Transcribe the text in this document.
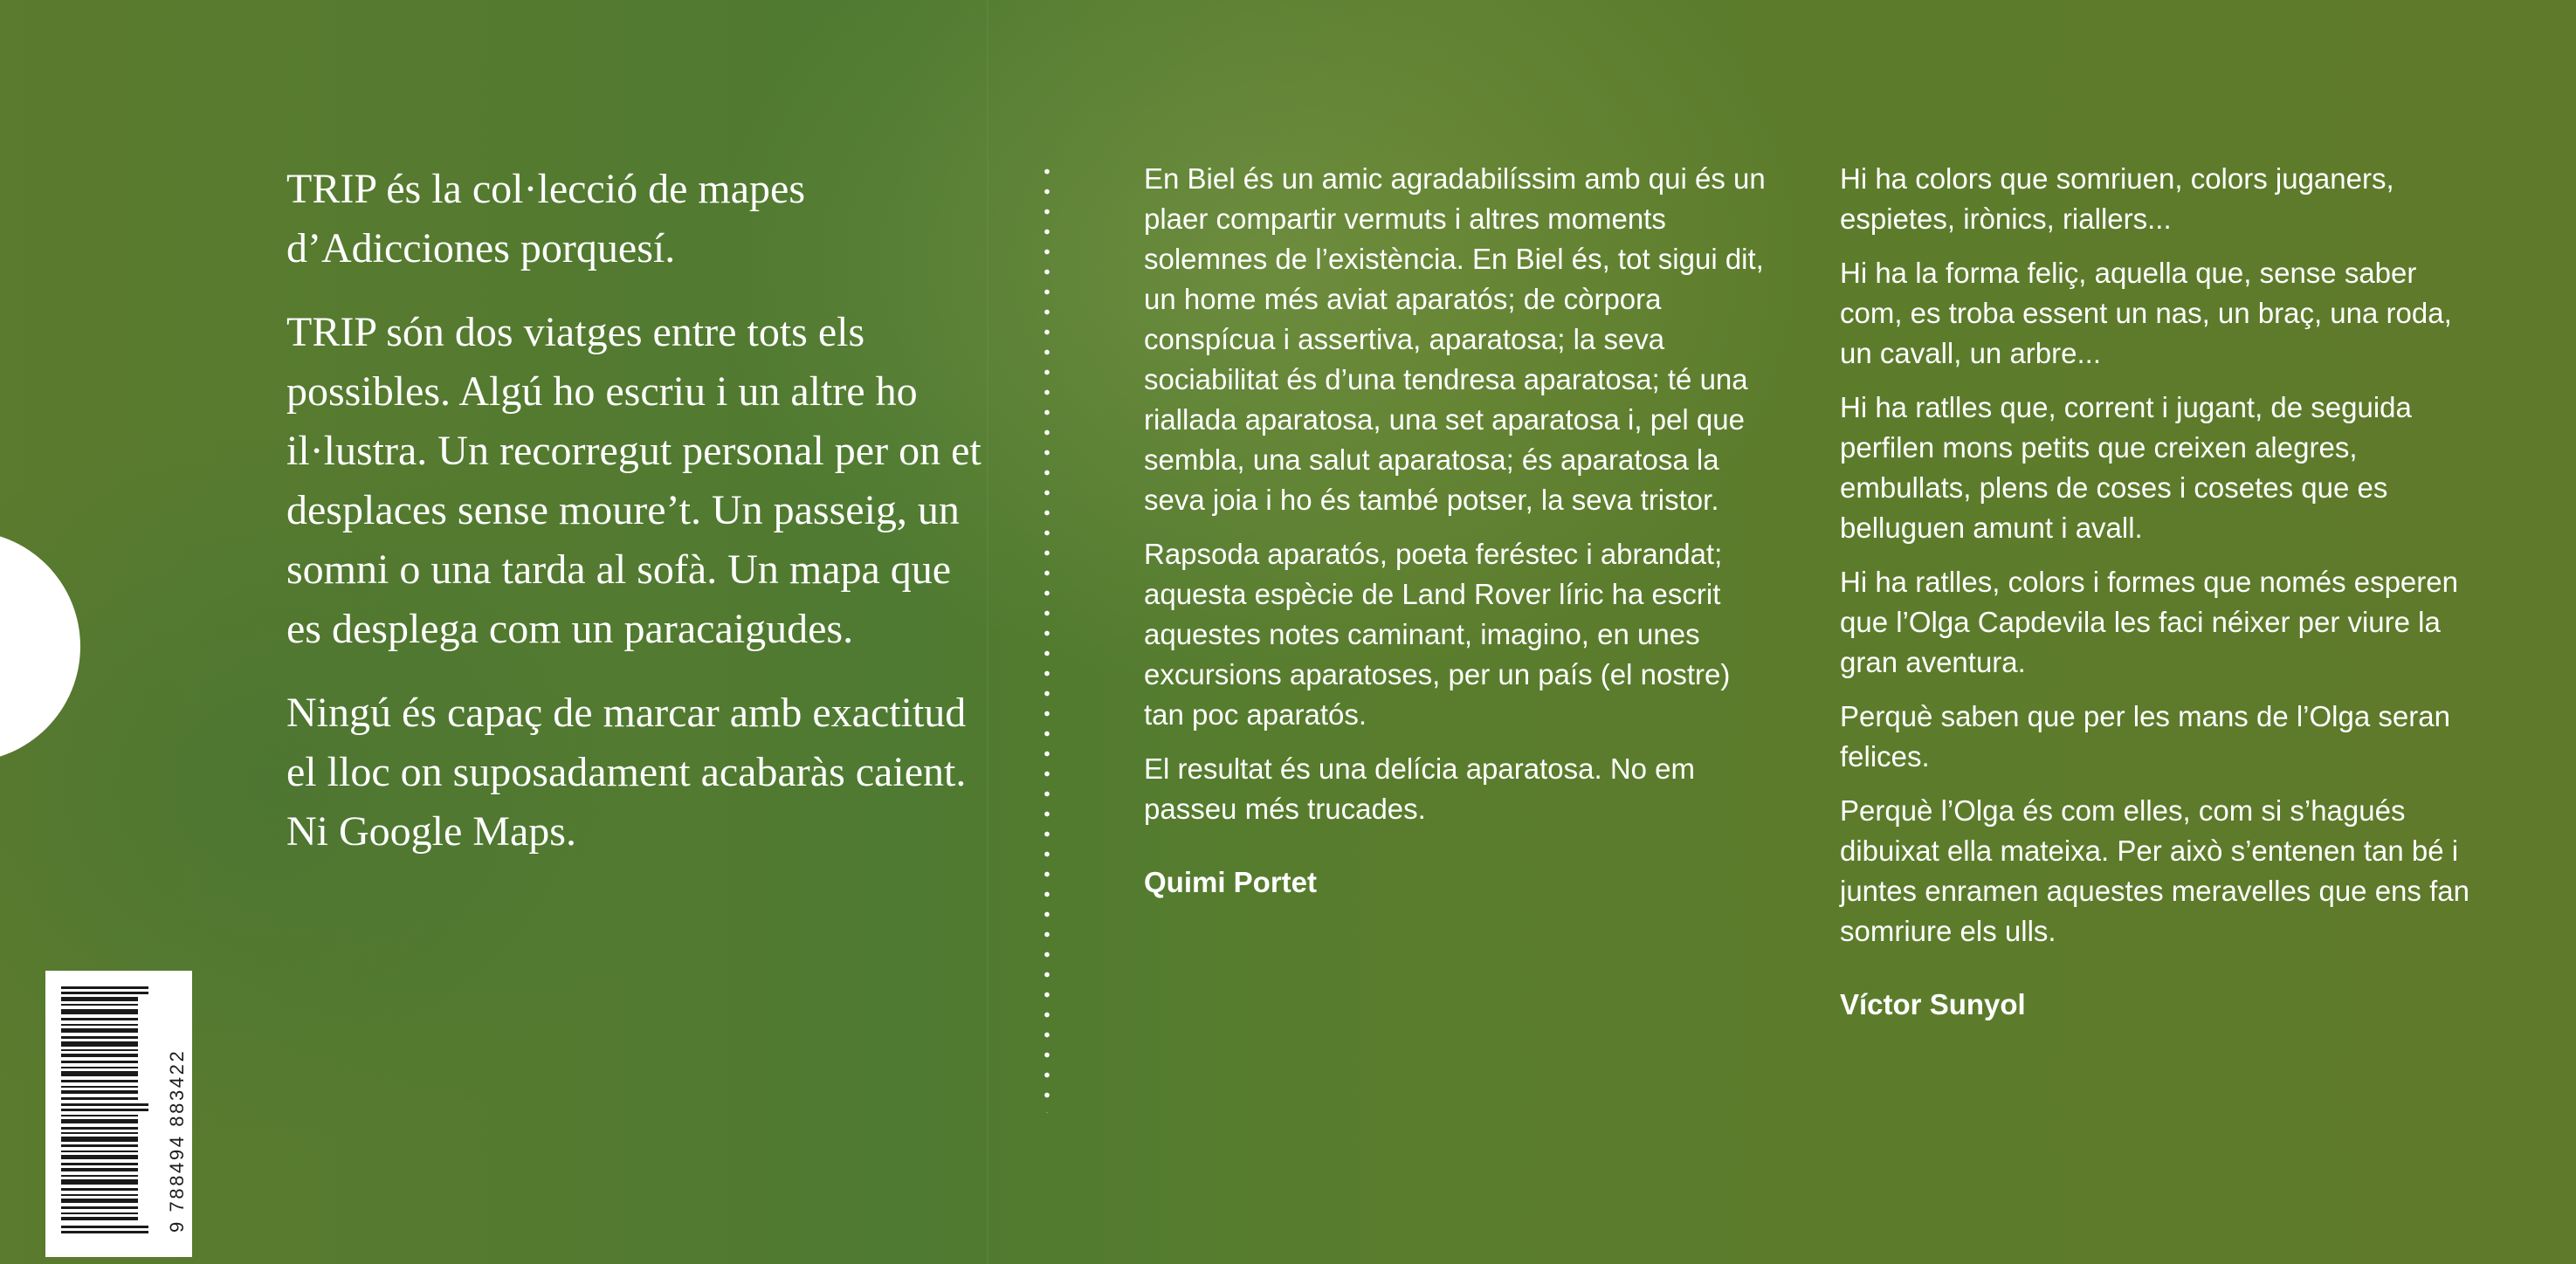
TRIP és la col·lecció de mapes d’Adicciones porquesí.

TRIP són dos viatges entre tots els possibles. Algú ho escriu i un altre ho il·lustra. Un recorregut personal per on et desplaces sense moure’t. Un passeig, un somni o una tarda al sofà. Un mapa que es desplega com un paracaigudes.

Ningú és capaç de marcar amb exactitud el lloc on suposadament acabaràs caient. Ni Google Maps.

En Biel és un amic agradabilíssim amb qui és un plaer compartir vermuts i altres moments solemnes de l’existència. En Biel és, tot sigui dit, un home més aviat aparatós; de còrpora conspícua i assertiva, aparatosa; la seva sociabilitat és d’una tendresa aparatosa; té una riallada aparatosa, una set aparatosa i, pel que sembla, una salut aparatosa; és aparatosa la seva joia i ho és també potser, la seva tristor.

Rapsoda aparatós, poeta feréstec i abrandat; aquesta espècie de Land Rover líric ha escrit aquestes notes caminant, imagino, en unes excursions aparatoses, per un país (el nostre) tan poc aparatós.

El resultat és una delícia aparatosa. No em passeu més trucades.

Quimi Portet

Hi ha colors que somriuen, colors juganers, espietes, irònics, riallers...

Hi ha la forma feliç, aquella que, sense saber com, es troba essent un nas, un braç, una roda, un cavall, un arbre...

Hi ha ratlles que, corrent i jugant, de seguida perfilen mons petits que creixen alegres, embullats, plens de coses i cosetes que es belluguen amunt i avall.

Hi ha ratlles, colors i formes que només esperen que l’Olga Capdevila les faci néixer per viure la gran aventura.

Perquè saben que per les mans de l’Olga seran felices.

Perquè l’Olga és com elles, com si s’hagués dibuixat ella mateixa. Per això s’entenen tan bé i juntes enramen aquestes meravelles que ens fan somriure els ulls.

Víctor Sunyol

9 788494 883422
